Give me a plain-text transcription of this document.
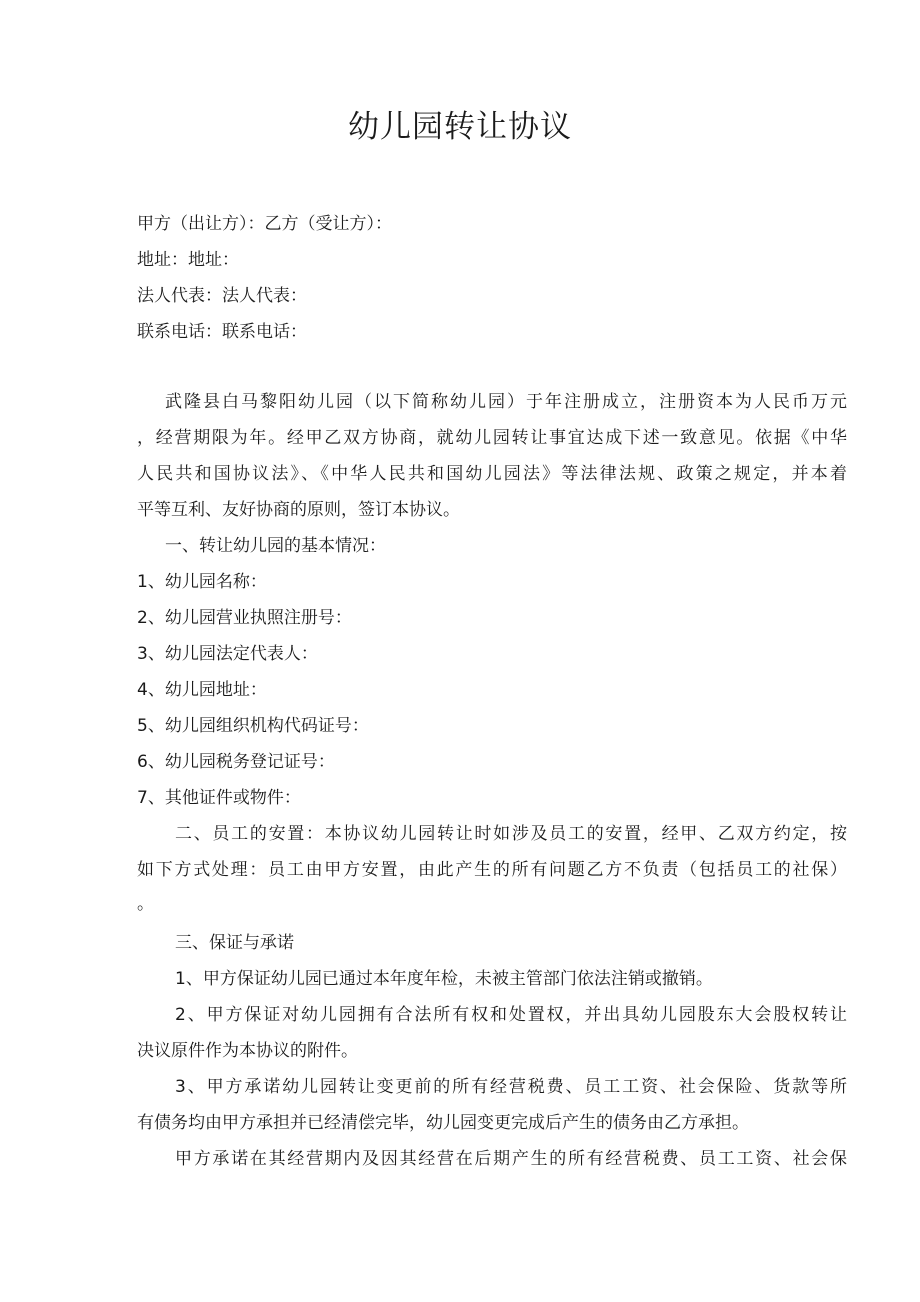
幼儿园转让协议

甲方（出让方）：乙方（受让方）：

地址：地址：

法人代表：法人代表：

联系电话：联系电话：

武隆县白马黎阳幼儿园（以下简称幼儿园）于年注册成立，注册资本为人民币万元

，经营期限为年。经甲乙双方协商，就幼儿园转让事宜达成下述一致意见。依据《中华

人民共和国协议法》、《中华人民共和国幼儿园法》等法律法规、政策之规定，并本着

平等互利、友好协商的原则，签订本协议。

一、转让幼儿园的基本情况：

1、幼儿园名称：

2、幼儿园营业执照注册号：

3、幼儿园法定代表人：

4、幼儿园地址：

5、幼儿园组织机构代码证号：

6、幼儿园税务登记证号：

7、其他证件或物件：

二、员工的安置：本协议幼儿园转让时如涉及员工的安置，经甲、乙双方约定，按

如下方式处理：员工由甲方安置，由此产生的所有问题乙方不负责（包括员工的社保）

。

三、保证与承诺

1、甲方保证幼儿园已通过本年度年检，未被主管部门依法注销或撤销。

2、甲方保证对幼儿园拥有合法所有权和处置权，并出具幼儿园股东大会股权转让

决议原件作为本协议的附件。

3、甲方承诺幼儿园转让变更前的所有经营税费、员工工资、社会保险、货款等所

有债务均由甲方承担并已经清偿完毕，幼儿园变更完成后产生的债务由乙方承担。

甲方承诺在其经营期内及因其经营在后期产生的所有经营税费、员工工资、社会保
